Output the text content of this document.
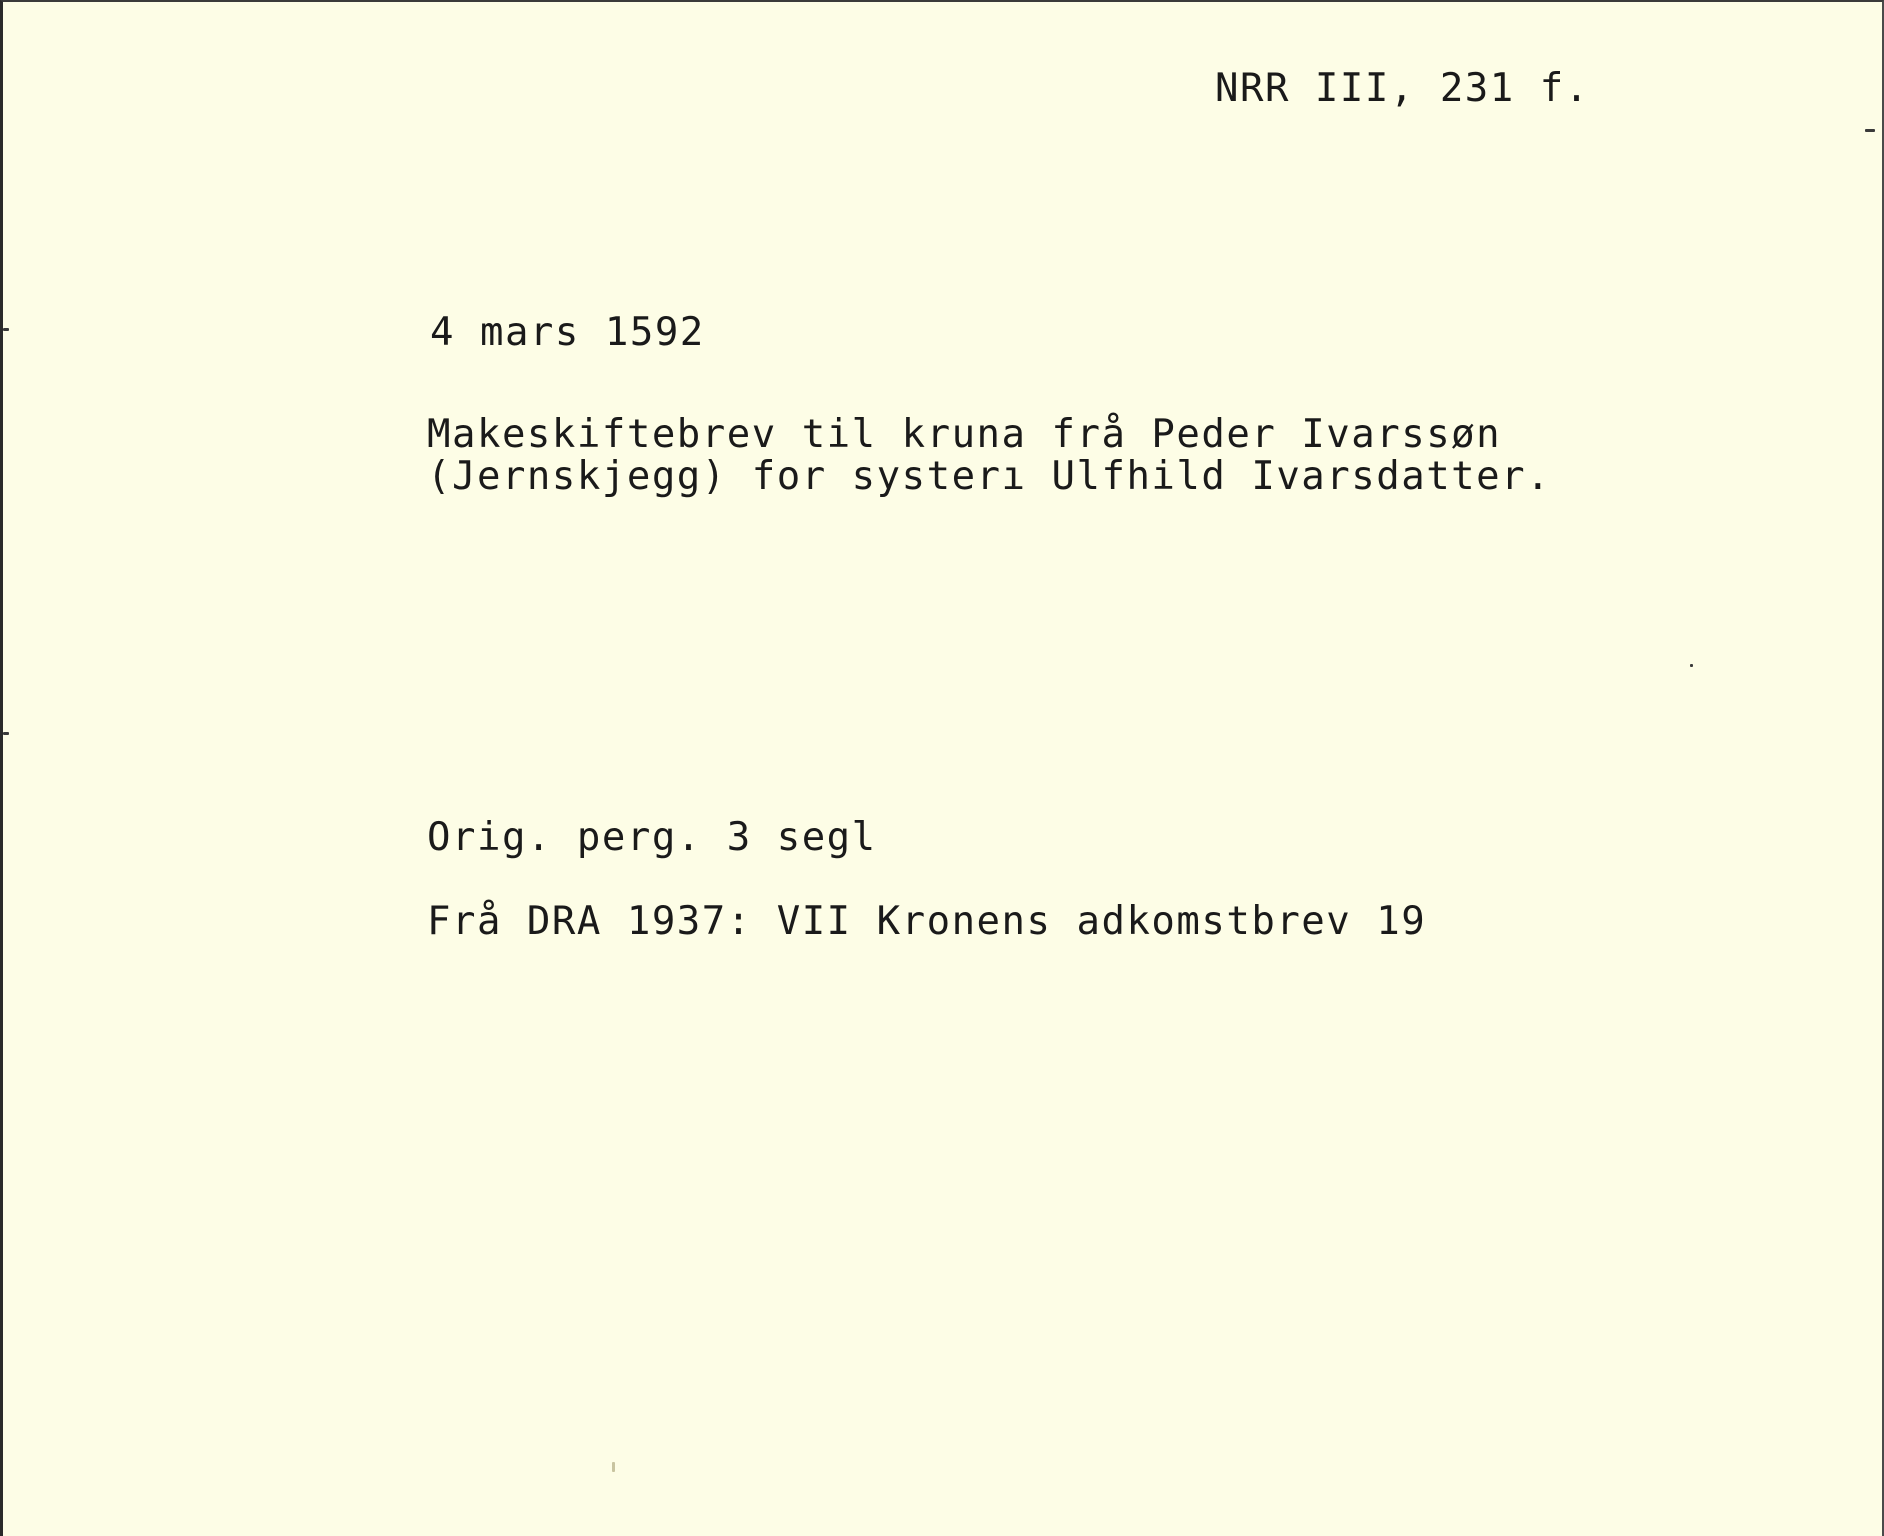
NRR III, 231 f.

4 mars 1592

Makeskiftebrev til kruna frå Peder Ivarssøn

(Jernskjegg) for systerı Ulfhild Ivarsdatter.

Orig. perg. 3 segl

Frå DRA 1937: VII Kronens adkomstbrev 19
